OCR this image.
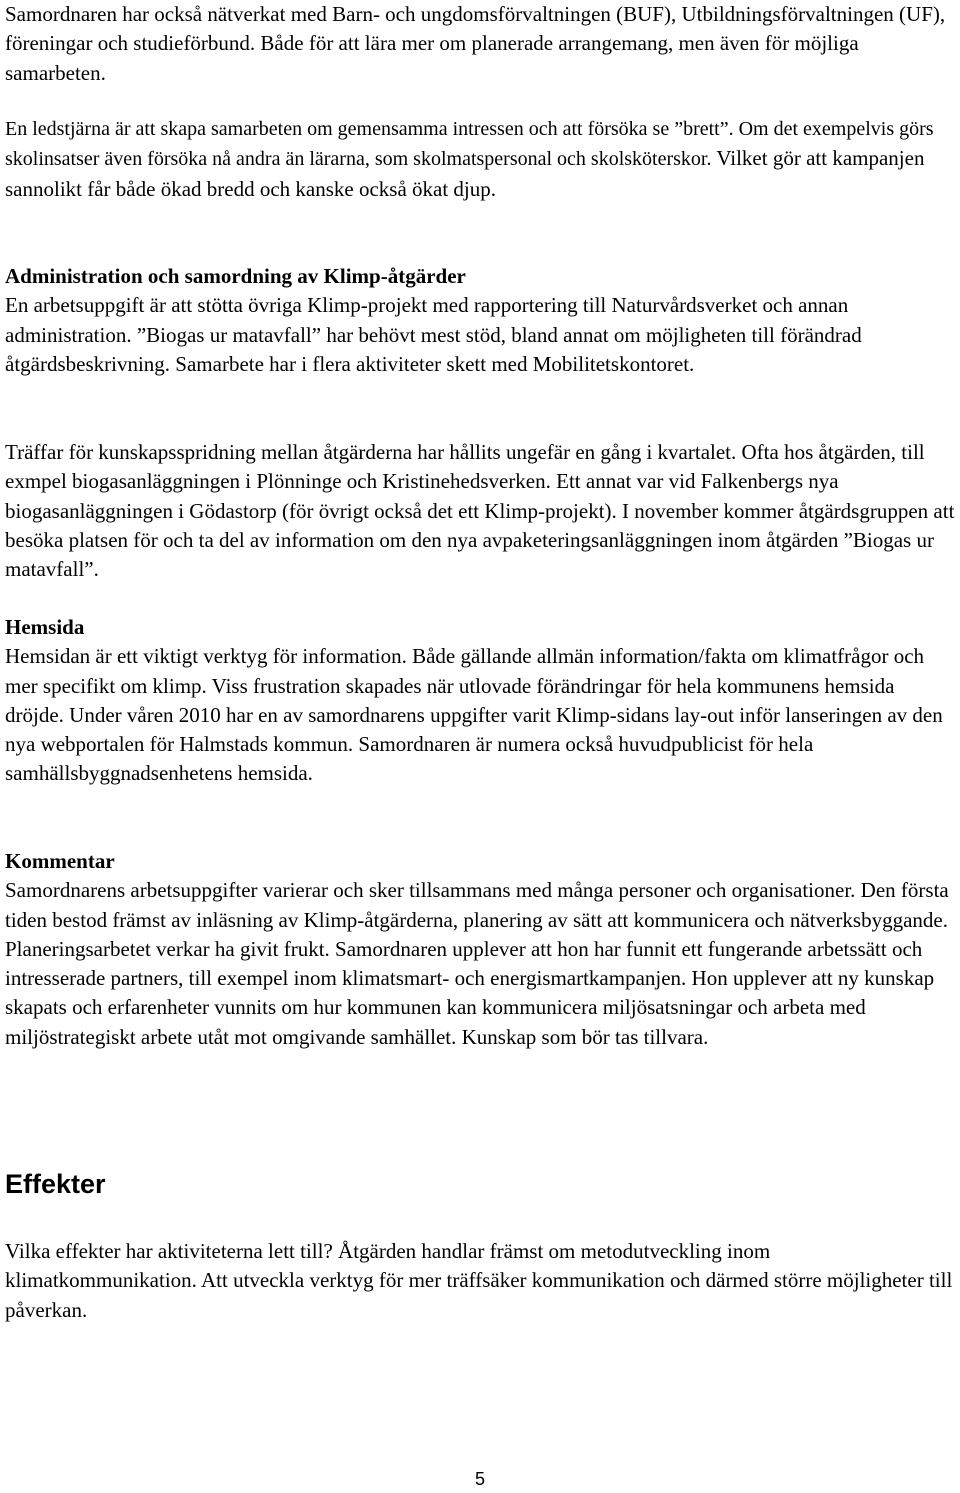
Samordnaren har också nätverkat med Barn- och ungdomsförvaltningen (BUF), Utbildningsförvaltningen (UF), föreningar och studieförbund. Både för att lära mer om planerade arrangemang, men även för möjliga samarbeten.

En ledstjärna är att skapa samarbeten om gemensamma intressen och att försöka se ”brett”. Om det exempelvis görs skolinsatser även försöka nå andra än lärarna, som skolmatspersonal och skolsköterskor. Vilket gör att kampanjen sannolikt får både ökad bredd och kanske också ökat djup.

Administration och samordning av Klimp-åtgärder

En arbetsuppgift är att stötta övriga Klimp-projekt med rapportering till Naturvårdsverket och annan administration. ”Biogas ur matavfall” har behövt mest stöd, bland annat om möjligheten till förändrad åtgärdsbeskrivning. Samarbete har i flera aktiviteter skett med Mobilitetskontoret.

Träffar för kunskapsspridning mellan åtgärderna har hållits ungefär en gång i kvartalet. Ofta hos åtgärden, till exmpel biogasanläggningen i Plönninge och Kristinehedsverken. Ett annat var vid Falkenbergs nya biogasanläggningen i Gödastorp (för övrigt också det ett Klimp-projekt). I november kommer åtgärdsgruppen att besöka platsen för och ta del av information om den nya avpaketeringsanläggningen inom åtgärden ”Biogas ur matavfall”.

Hemsida

Hemsidan är ett viktigt verktyg för information. Både gällande allmän information/fakta om klimatfrågor och mer specifikt om klimp. Viss frustration skapades när utlovade förändringar för hela kommunens hemsida dröjde. Under våren 2010 har en av samordnarens uppgifter varit Klimp-sidans lay-out inför lanseringen av den nya webportalen för Halmstads kommun. Samordnaren är numera också huvudpublicist för hela samhällsbyggnadsenhetens hemsida.

Kommentar

Samordnarens arbetsuppgifter varierar och sker tillsammans med många personer och organisationer. Den första tiden bestod främst av inläsning av Klimp-åtgärderna, planering av sätt att kommunicera och nätverksbyggande. Planeringsarbetet verkar ha givit frukt. Samordnaren upplever att hon har funnit ett fungerande arbetssätt och intresserade partners, till exempel inom klimatsmart- och energismartkampanjen. Hon upplever att ny kunskap skapats och erfarenheter vunnits om hur kommunen kan kommunicera miljösatsningar och arbeta med miljöstrategiskt arbete utåt mot omgivande samhället. Kunskap som bör tas tillvara.

Effekter

Vilka effekter har aktiviteterna lett till? Åtgärden handlar främst om metodutveckling inom klimatkommunikation. Att utveckla verktyg för mer träffsäker kommunikation och därmed större möjligheter till påverkan.

5
